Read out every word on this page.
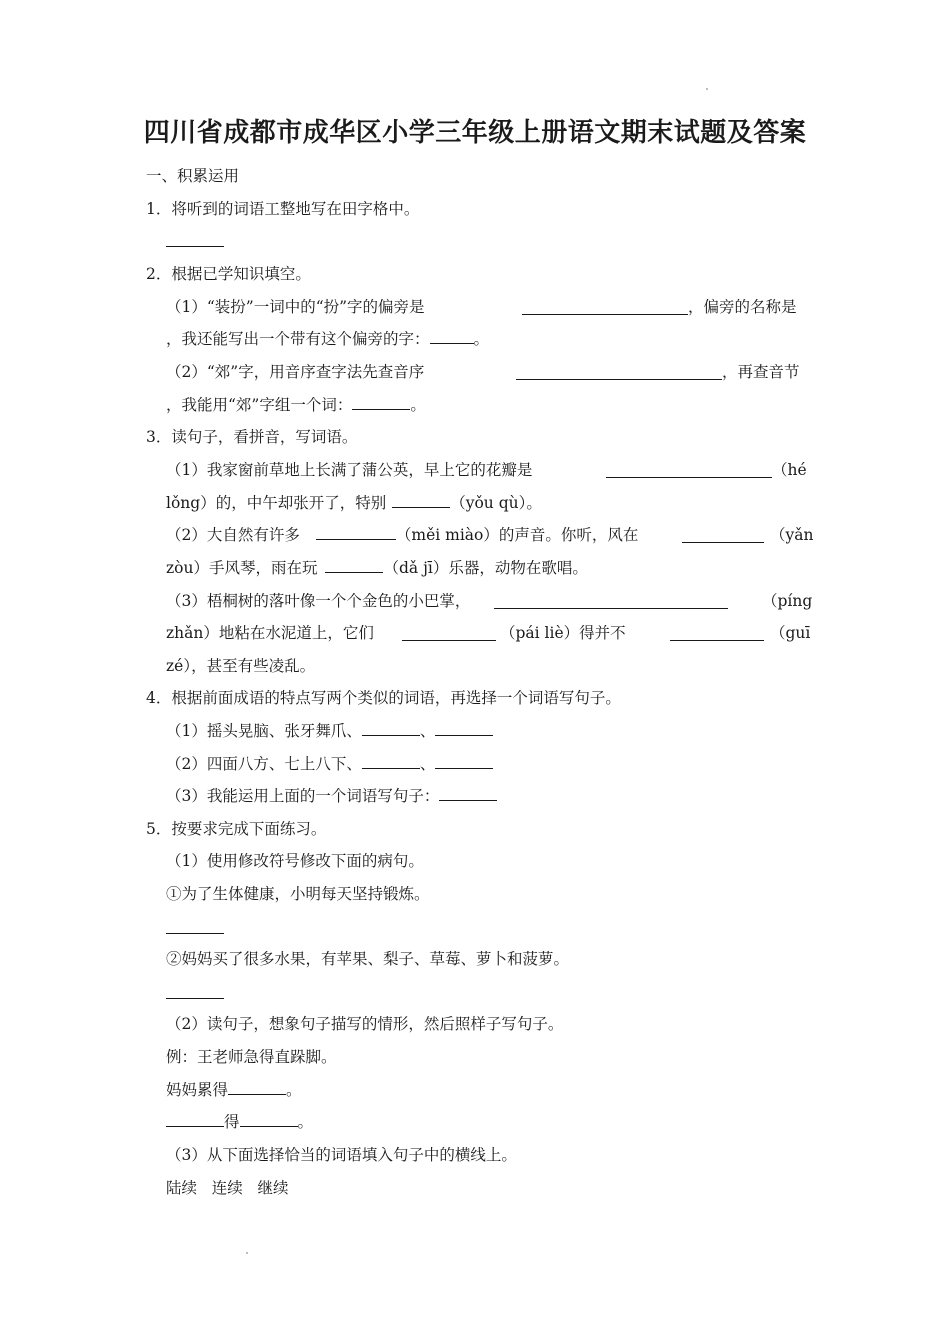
四川省成都市成华区小学三年级上册语文期末试题及答案
一、积累运用
1．将听到的词语工整地写在田字格中。
2．根据已学知识填空。
（1）“装扮”一词中的“扮”字的偏旁是	，偏旁的名称是
，我还能写出一个带有这个偏旁的字：	。
（2）“郊”字，用音序查字法先查音序	，再查音节
，我能用“郊”字组一个词：	。
3．读句子，看拼音，写词语。
（1）我家窗前草地上长满了蒲公英，早上它的花瓣是	（hé
lǒng）的，中午却张开了，特别	（yǒu qù）。
（2）大自然有许多	（měi miào）的声音。你听，风在	（yǎn
zòu）手风琴，雨在玩	（dǎ jī）乐器，动物在歌唱。
（3）梧桐树的落叶像一个个金色的小巴掌，	（píng
zhǎn）地粘在水泥道上，它们	（pái liè）得并不	（guī
zé），甚至有些凌乱。
4．根据前面成语的特点写两个类似的词语，再选择一个词语写句子。
（1）摇头晃脑、张牙舞爪、	、
（2）四面八方、七上八下、	、
（3）我能运用上面的一个词语写句子：
5．按要求完成下面练习。
（1）使用修改符号修改下面的病句。
①为了生体健康，小明每天坚持锻炼。
②妈妈买了很多水果，有苹果、梨子、草莓、萝卜和菠萝。
（2）读句子，想象句子描写的情形，然后照样子写句子。
例：王老师急得直跺脚。
妈妈累得	。
得	。
（3）从下面选择恰当的词语填入句子中的横线上。
陆续   连续   继续
